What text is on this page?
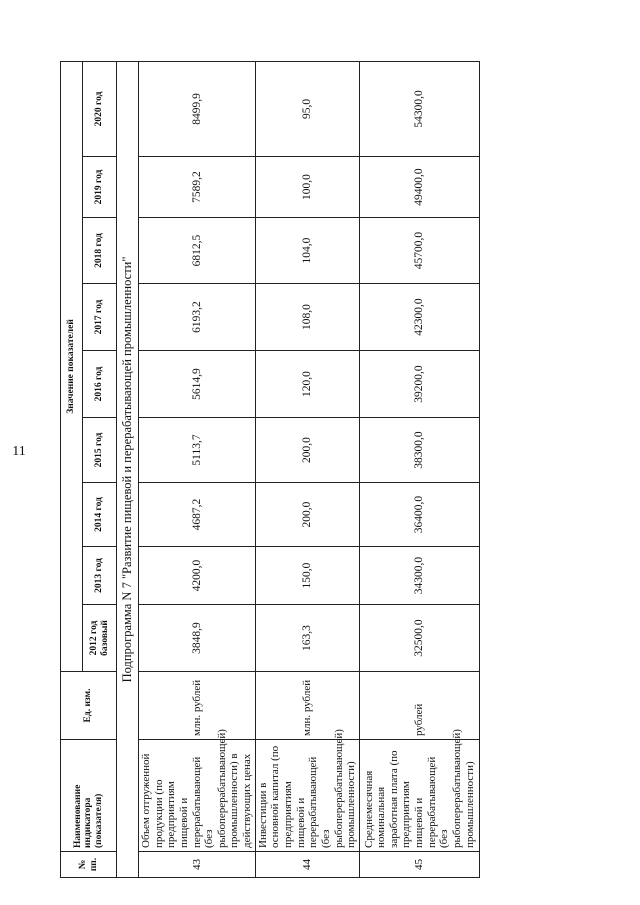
11
№ пп.	Наименование индикатора (показателя)	Ед. изм.	Значение показателей								
			2012 год базовый	2013 год	2014 год	2015 год	2016 год	2017 год	2018 год	2019 год	2020 год
Подпрограмма N 7 "Развитие пищевой и перерабатывающей промышленности"											
43	Объем отгруженной продукции (по предприятиям пищевой и перерабатывающей (без рыбоперерабатывающей) промышленности) в действующих ценах	млн. рублей	3848,9	4200,0	4687,2	5113,7	5614,9	6193,2	6812,5	7589,2	8499,9
44	Инвестиции в основной капитал (по предприятиям пищевой и перерабатывающей (без рыбоперерабатывающей) промышленности)	млн. рублей	163,3	150,0	200,0	200,0	120,0	108,0	104,0	100,0	95,0
45	Среднемесячная номинальная заработная плата (по предприятиям пищевой и перерабатывающей (без рыбоперерабатывающей) промышленности)	рублей	32500,0	34300,0	36400,0	38300,0	39200,0	42300,0	45700,0	49400,0	54300,0
